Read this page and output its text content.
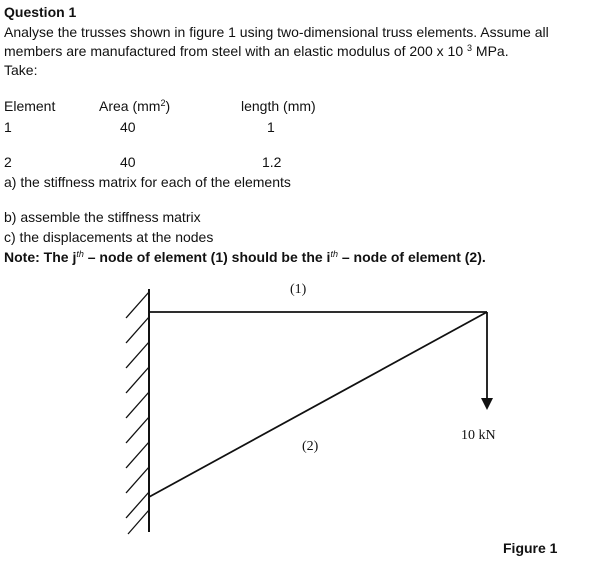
Question 1
Analyse the trusses shown in figure 1 using two-dimensional truss elements. Assume all
members are manufactured from steel with an elastic modulus of 200 x 10 $^3$ MPa.
Take:
Element	Area $(mm^2)$	length (mm)
1	40	1
2	40	1.2
a) the stiffness matrix for each of the elements
b) assemble the stiffness matrix
c) the displacements at the nodes
Note: The $j^{th}$ – node of element (1) should be the $i^{th}$ – node of element (2).
(1)
(2)
10 kN
Figure 1
